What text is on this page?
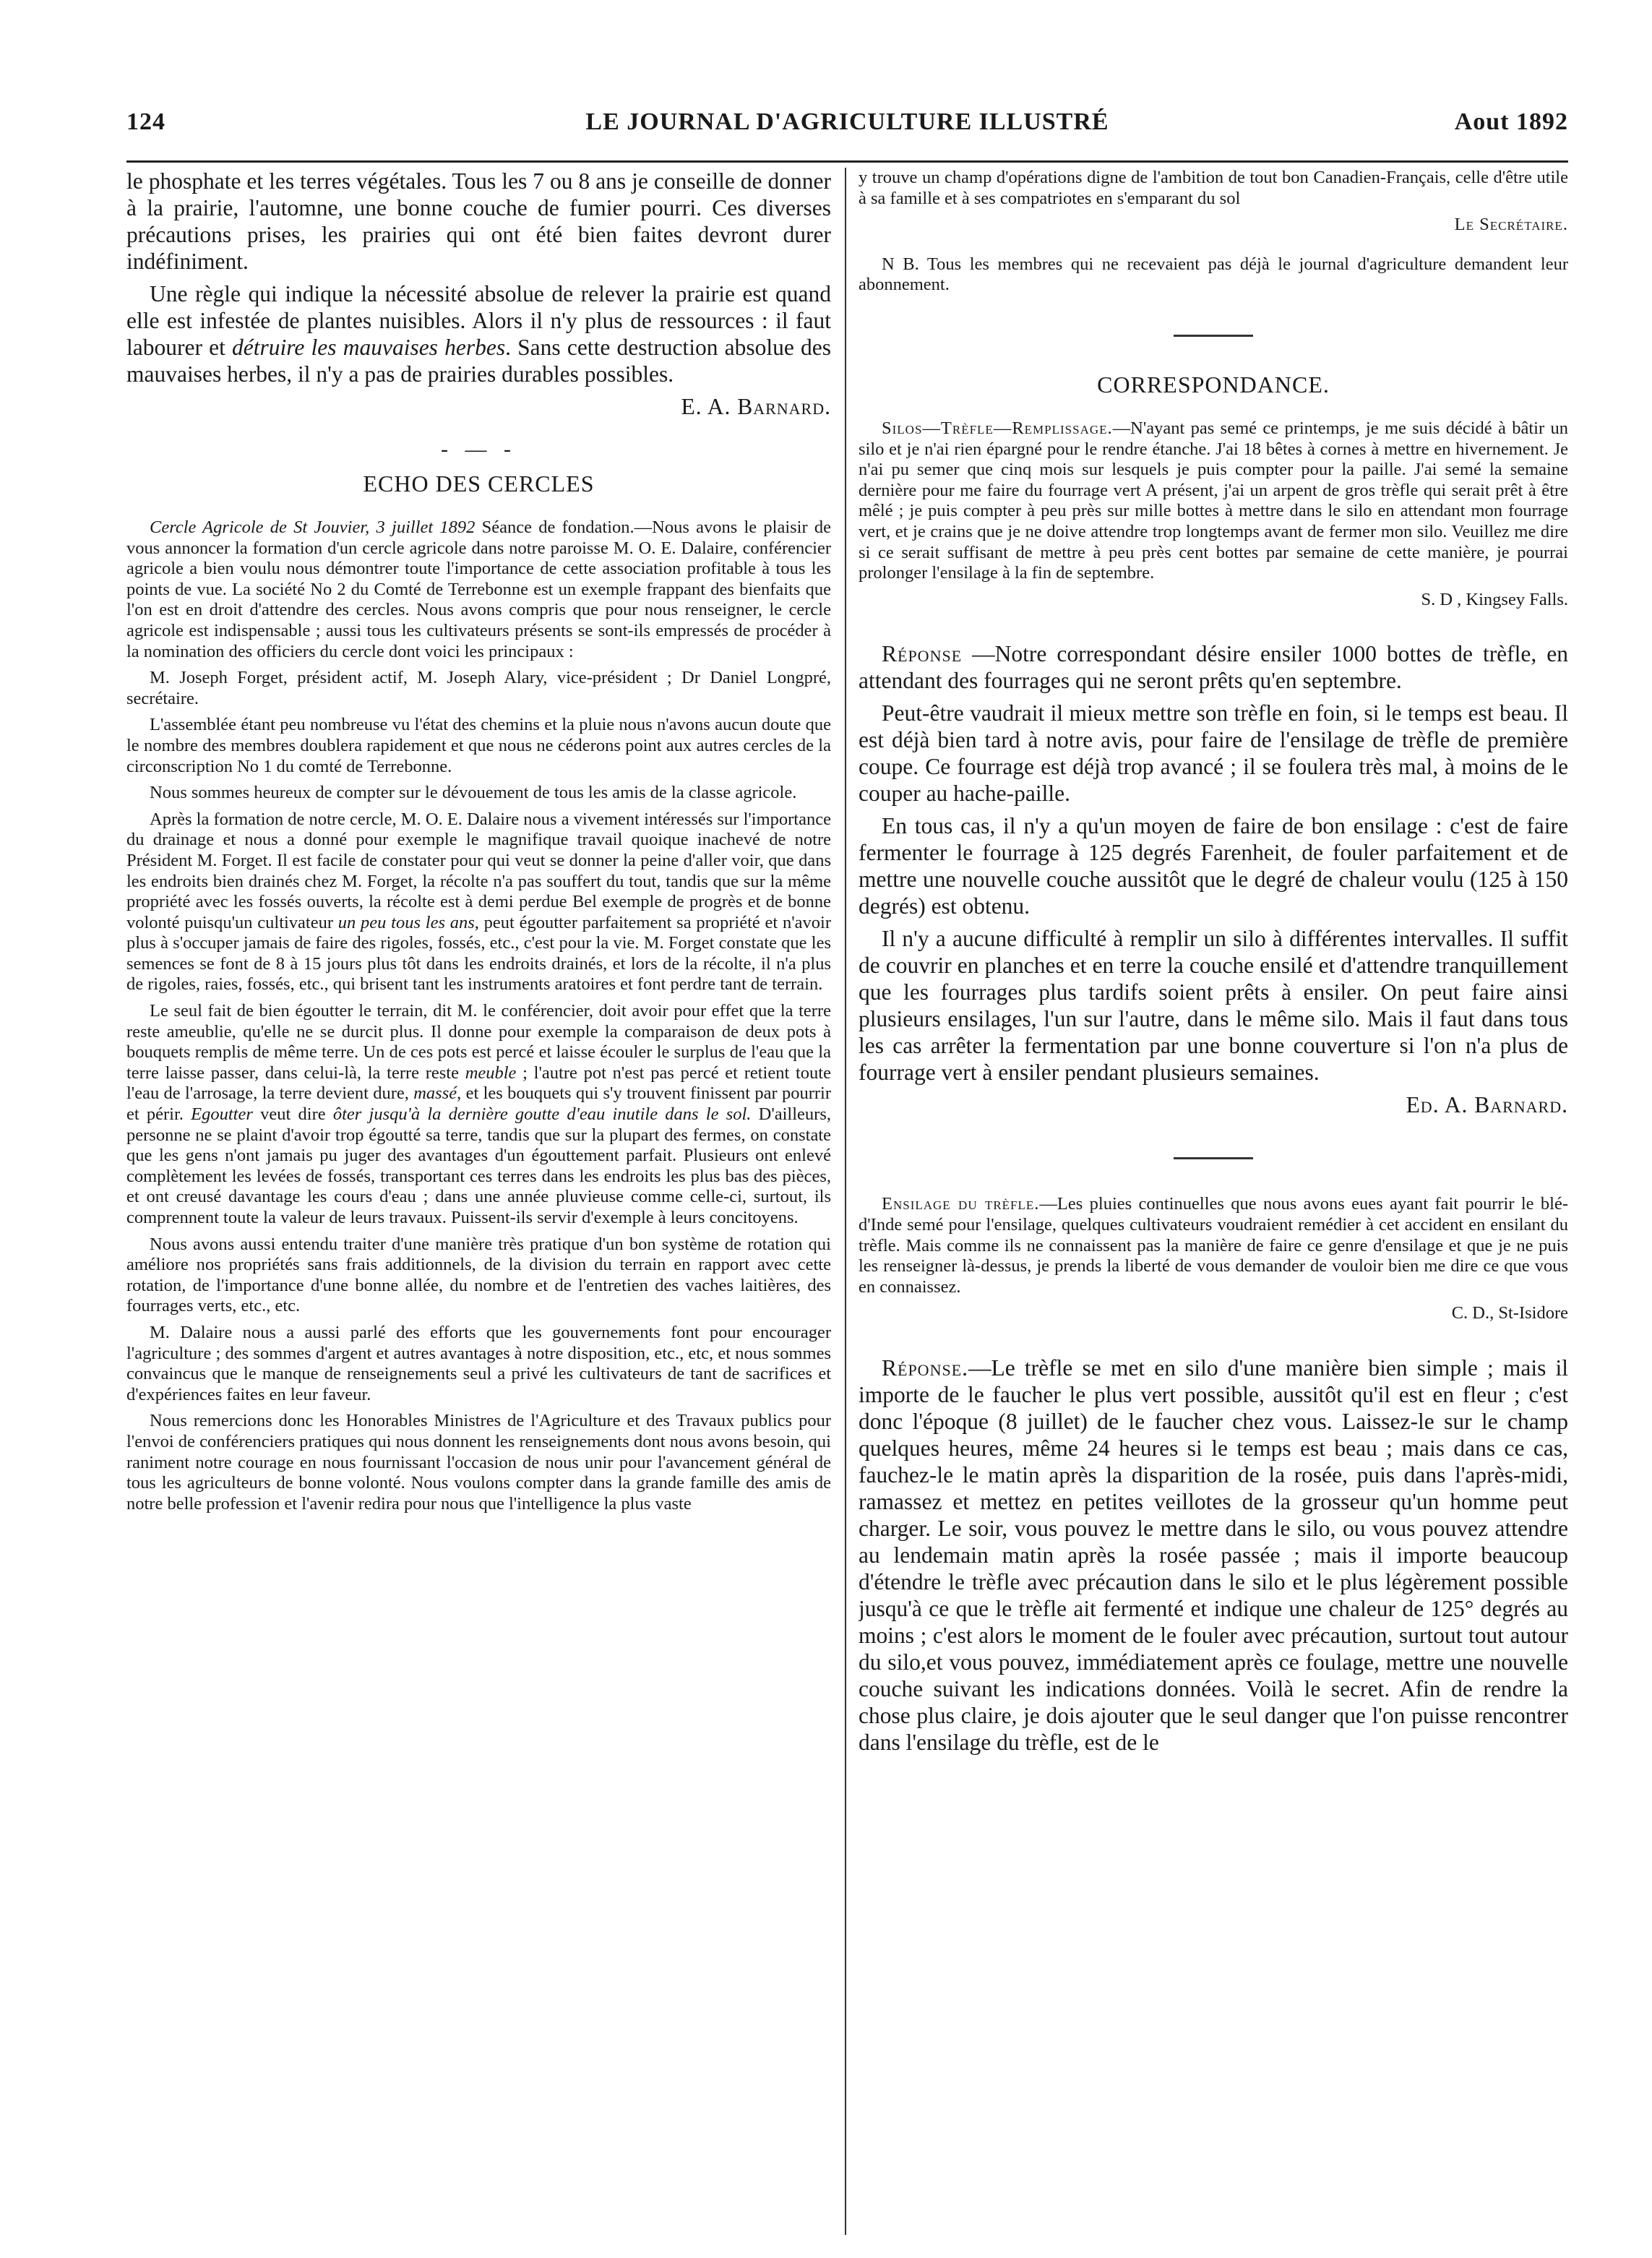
124	LE JOURNAL D'AGRICULTURE ILLUSTRÉ	Aout 1892

le phosphate et les terres végétales. Tous les 7 ou 8 ans je conseille de donner à la prairie, l'automne, une bonne couche de fumier pourri. Ces diverses précautions prises, les prairies qui ont été bien faites devront durer indéfiniment.

Une règle qui indique la nécessité absolue de relever la prairie est quand elle est infestée de plantes nuisibles. Alors il n'y plus de ressources : il faut labourer et détruire les mauvaises herbes. Sans cette destruction absolue des mauvaises herbes, il n'y a pas de prairies durables possibles.

E. A. Barnard.

- — -

ECHO DES CERCLES

Cercle Agricole de St Jouvier, 3 juillet 1892 Séance de fondation.—Nous avons le plaisir de vous annoncer la formation d'un cercle agricole dans notre paroisse M. O. E. Dalaire, conférencier agricole a bien voulu nous démontrer toute l'importance de cette association profitable à tous les points de vue. La société No 2 du Comté de Terrebonne est un exemple frappant des bienfaits que l'on est en droit d'attendre des cercles. Nous avons compris que pour nous renseigner, le cercle agricole est indispensable ; aussi tous les cultivateurs présents se sont-ils empressés de procéder à la nomination des officiers du cercle dont voici les principaux :

M. Joseph Forget, président actif, M. Joseph Alary, vice-président ; Dr Daniel Longpré, secrétaire.

L'assemblée étant peu nombreuse vu l'état des chemins et la pluie nous n'avons aucun doute que le nombre des membres doublera rapidement et que nous ne céderons point aux autres cercles de la circonscription No 1 du comté de Terrebonne.

Nous sommes heureux de compter sur le dévouement de tous les amis de la classe agricole.

Après la formation de notre cercle, M. O. E. Dalaire nous a vivement intéressés sur l'importance du drainage et nous a donné pour exemple le magnifique travail quoique inachevé de notre Président M. Forget. Il est facile de constater pour qui veut se donner la peine d'aller voir, que dans les endroits bien drainés chez M. Forget, la récolte n'a pas souffert du tout, tandis que sur la même propriété avec les fossés ouverts, la récolte est à demi perdue Bel exemple de progrès et de bonne volonté puisqu'un cultivateur un peu tous les ans, peut égoutter parfaitement sa propriété et n'avoir plus à s'occuper jamais de faire des rigoles, fossés, etc., c'est pour la vie. M. Forget constate que les semences se font de 8 à 15 jours plus tôt dans les endroits drainés, et lors de la récolte, il n'a plus de rigoles, raies, fossés, etc., qui brisent tant les instruments aratoires et font perdre tant de terrain.

Le seul fait de bien égoutter le terrain, dit M. le conférencier, doit avoir pour effet que la terre reste ameublie, qu'elle ne se durcit plus. Il donne pour exemple la comparaison de deux pots à bouquets remplis de même terre. Un de ces pots est percé et laisse écouler le surplus de l'eau que la terre laisse passer, dans celui-là, la terre reste meuble ; l'autre pot n'est pas percé et retient toute l'eau de l'arrosage, la terre devient dure, massé, et les bouquets qui s'y trouvent finissent par pourrir et périr. Egoutter veut dire ôter jusqu'à la dernière goutte d'eau inutile dans le sol. D'ailleurs, personne ne se plaint d'avoir trop égoutté sa terre, tandis que sur la plupart des fermes, on constate que les gens n'ont jamais pu juger des avantages d'un égouttement parfait. Plusieurs ont enlevé complètement les levées de fossés, transportant ces terres dans les endroits les plus bas des pièces, et ont creusé davantage les cours d'eau ; dans une année pluvieuse comme celle-ci, surtout, ils comprennent toute la valeur de leurs travaux. Puissent-ils servir d'exemple à leurs concitoyens.

Nous avons aussi entendu traiter d'une manière très pratique d'un bon système de rotation qui améliore nos propriétés sans frais additionnels, de la division du terrain en rapport avec cette rotation, de l'importance d'une bonne allée, du nombre et de l'entretien des vaches laitières, des fourrages verts, etc., etc.

M. Dalaire nous a aussi parlé des efforts que les gouvernements font pour encourager l'agriculture ; des sommes d'argent et autres avantages à notre disposition, etc., etc, et nous sommes convaincus que le manque de renseignements seul a privé les cultivateurs de tant de sacrifices et d'expériences faites en leur faveur.

Nous remercions donc les Honorables Ministres de l'Agriculture et des Travaux publics pour l'envoi de conférenciers pratiques qui nous donnent les renseignements dont nous avons besoin, qui raniment notre courage en nous fournissant l'occasion de nous unir pour l'avancement général de tous les agriculteurs de bonne volonté. Nous voulons compter dans la grande famille des amis de notre belle profession et l'avenir redira pour nous que l'intelligence la plus vaste

y trouve un champ d'opérations digne de l'ambition de tout bon Canadien-Français, celle d'être utile à sa famille et à ses compatriotes en s'emparant du sol

Le Secrétaire.

N B. Tous les membres qui ne recevaient pas déjà le journal d'agriculture demandent leur abonnement.

CORRESPONDANCE.

Silos—Trèfle—Remplissage.—N'ayant pas semé ce printemps, je me suis décidé à bâtir un silo et je n'ai rien épargné pour le rendre étanche. J'ai 18 bêtes à cornes à mettre en hivernement. Je n'ai pu semer que cinq mois sur lesquels je puis compter pour la paille. J'ai semé la semaine dernière pour me faire du fourrage vert A présent, j'ai un arpent de gros trèfle qui serait prêt à être mêlé ; je puis compter à peu près sur mille bottes à mettre dans le silo en attendant mon fourrage vert, et je crains que je ne doive attendre trop longtemps avant de fermer mon silo. Veuillez me dire si ce serait suffisant de mettre à peu près cent bottes par semaine de cette manière, je pourrai prolonger l'ensilage à la fin de septembre.

S. D , Kingsey Falls.

Réponse —Notre correspondant désire ensiler 1000 bottes de trèfle, en attendant des fourrages qui ne seront prêts qu'en septembre.

Peut-être vaudrait il mieux mettre son trèfle en foin, si le temps est beau. Il est déjà bien tard à notre avis, pour faire de l'ensilage de trèfle de première coupe. Ce fourrage est déjà trop avancé ; il se foulera très mal, à moins de le couper au hache-paille.

En tous cas, il n'y a qu'un moyen de faire de bon ensilage : c'est de faire fermenter le fourrage à 125 degrés Farenheit, de fouler parfaitement et de mettre une nouvelle couche aussitôt que le degré de chaleur voulu (125 à 150 degrés) est obtenu.

Il n'y a aucune difficulté à remplir un silo à différentes intervalles. Il suffit de couvrir en planches et en terre la couche ensilé et d'attendre tranquillement que les fourrages plus tardifs soient prêts à ensiler. On peut faire ainsi plusieurs ensilages, l'un sur l'autre, dans le même silo. Mais il faut dans tous les cas arrêter la fermentation par une bonne couverture si l'on n'a plus de fourrage vert à ensiler pendant plusieurs semaines.

Ed. A. Barnard.

Ensilage du trèfle.—Les pluies continuelles que nous avons eues ayant fait pourrir le blé-d'Inde semé pour l'ensilage, quelques cultivateurs voudraient remédier à cet accident en ensilant du trèfle. Mais comme ils ne connaissent pas la manière de faire ce genre d'ensilage et que je ne puis les renseigner là-dessus, je prends la liberté de vous demander de vouloir bien me dire ce que vous en connaissez.

C. D., St-Isidore

Réponse.—Le trèfle se met en silo d'une manière bien simple ; mais il importe de le faucher le plus vert possible, aussitôt qu'il est en fleur ; c'est donc l'époque (8 juillet) de le faucher chez vous. Laissez-le sur le champ quelques heures, même 24 heures si le temps est beau ; mais dans ce cas, fauchez-le le matin après la disparition de la rosée, puis dans l'après-midi, ramassez et mettez en petites veillotes de la grosseur qu'un homme peut charger. Le soir, vous pouvez le mettre dans le silo, ou vous pouvez attendre au lendemain matin après la rosée passée ; mais il importe beaucoup d'étendre le trèfle avec précaution dans le silo et le plus légèrement possible jusqu'à ce que le trèfle ait fermenté et indique une chaleur de 125° degrés au moins ; c'est alors le moment de le fouler avec précaution, surtout tout autour du silo,et vous pouvez, immédiatement après ce foulage, mettre une nouvelle couche suivant les indications données. Voilà le secret. Afin de rendre la chose plus claire, je dois ajouter que le seul danger que l'on puisse rencontrer dans l'ensilage du trèfle, est de le
